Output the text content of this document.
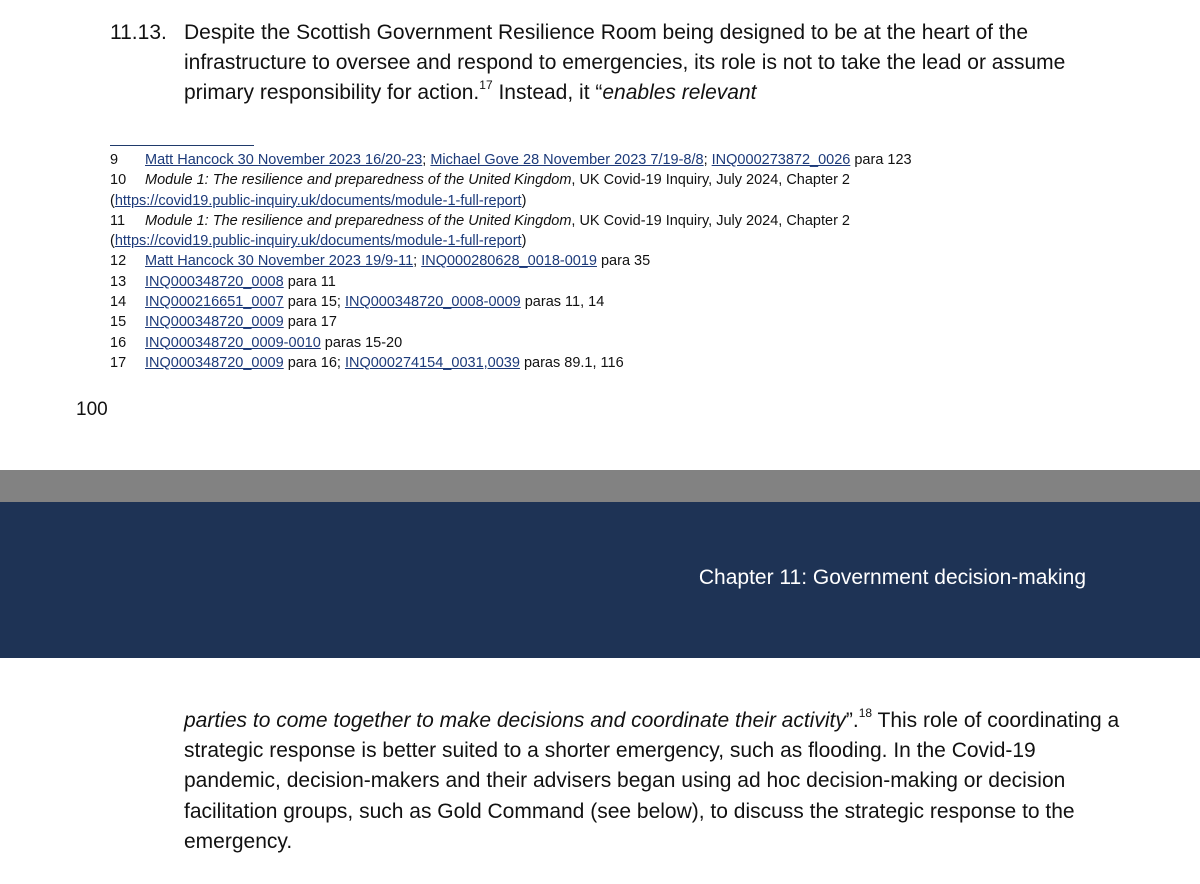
11.13. Despite the Scottish Government Resilience Room being designed to be at the heart of the infrastructure to oversee and respond to emergencies, its role is not to take the lead or assume primary responsibility for action.$^{17}$ Instead, it “enables relevant
9 Matt Hancock 30 November 2023 16/20-23; Michael Gove 28 November 2023 7/19-8/8; INQ000273872_0026 para 123
10 Module 1: The resilience and preparedness of the United Kingdom, UK Covid-19 Inquiry, July 2024, Chapter 2
(https://covid19.public-inquiry.uk/documents/module-1-full-report)
11 Module 1: The resilience and preparedness of the United Kingdom, UK Covid-19 Inquiry, July 2024, Chapter 2
(https://covid19.public-inquiry.uk/documents/module-1-full-report)
12 Matt Hancock 30 November 2023 19/9-11; INQ000280628_0018-0019 para 35
13 INQ000348720_0008 para 11
14 INQ000216651_0007 para 15; INQ000348720_0008-0009 paras 11, 14
15 INQ000348720_0009 para 17
16 INQ000348720_0009-0010 paras 15-20
17 INQ000348720_0009 para 16; INQ000274154_0031,0039 paras 89.1, 116
100
Chapter 11: Government decision-making
parties to come together to make decisions and coordinate their activity”.$^{18}$ This role of coordinating a strategic response is better suited to a shorter emergency, such as flooding. In the Covid-19 pandemic, decision-makers and their advisers began using ad hoc decision-making or decision facilitation groups, such as Gold Command (see below), to discuss the strategic response to the emergency.
